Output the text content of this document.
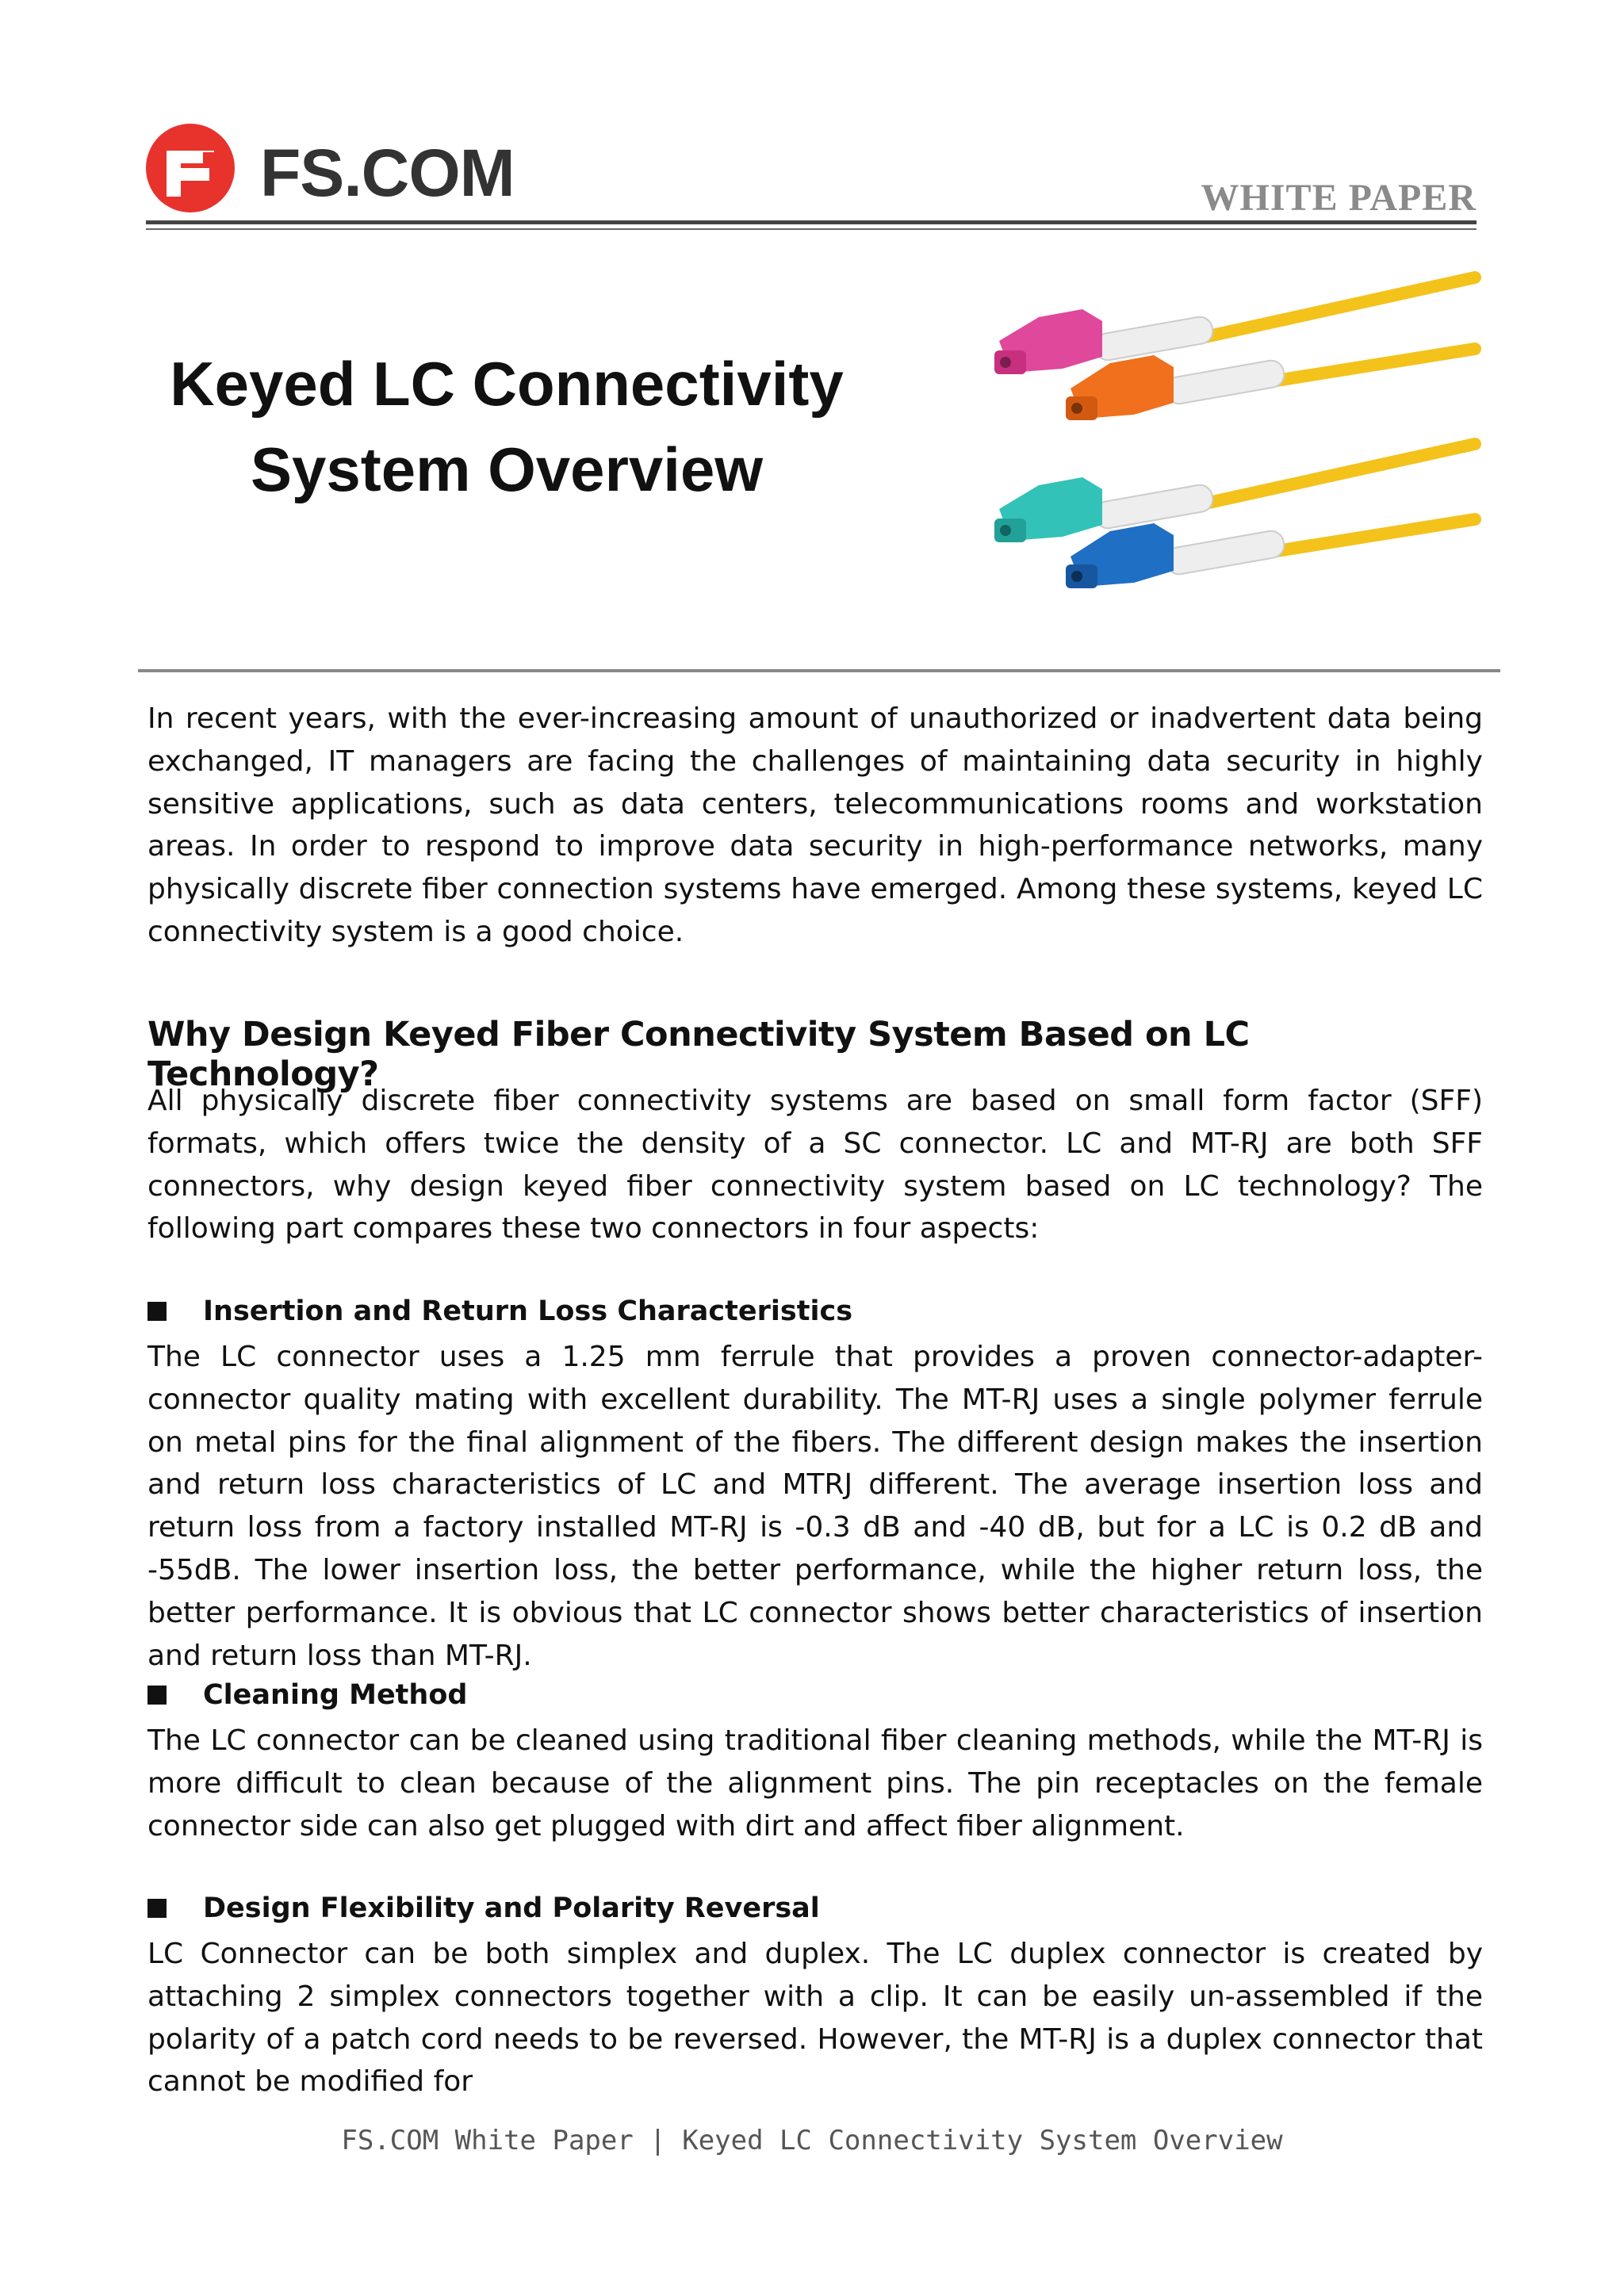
FS.COM	WHITE PAPER
Keyed LC Connectivity
System Overview
In recent years, with the ever-increasing amount of unauthorized or inadvertent data being exchanged, IT managers are facing the challenges of maintaining data security in highly sensitive applications, such as data centers, telecommunications rooms and workstation areas. In order to respond to improve data security in high-performance networks, many physically discrete fiber connection systems have emerged. Among these systems, keyed LC connectivity system is a good choice.
Why Design Keyed Fiber Connectivity System Based on LC Technology?
All physically discrete fiber connectivity systems are based on small form factor (SFF) formats, which offers twice the density of a SC connector. LC and MT-RJ are both SFF connectors, why design keyed fiber connectivity system based on LC technology? The following part compares these two connectors in four aspects:
Insertion and Return Loss Characteristics
The LC connector uses a 1.25 mm ferrule that provides a proven connector-adapter-connector quality mating with excellent durability. The MT-RJ uses a single polymer ferrule on metal pins for the final alignment of the fibers. The different design makes the insertion and return loss characteristics of LC and MTRJ different. The average insertion loss and return loss from a factory installed MT-RJ is -0.3 dB and -40 dB, but for a LC is 0.2 dB and -55dB. The lower insertion loss, the better performance, while the higher return loss, the better performance. It is obvious that LC connector shows better characteristics of insertion and return loss than MT-RJ.
Cleaning Method
The LC connector can be cleaned using traditional fiber cleaning methods, while the MT-RJ is more difficult to clean because of the alignment pins. The pin receptacles on the female connector side can also get plugged with dirt and affect fiber alignment.
Design Flexibility and Polarity Reversal
LC Connector can be both simplex and duplex. The LC duplex connector is created by attaching 2 simplex connectors together with a clip. It can be easily un-assembled if the polarity of a patch cord needs to be reversed. However, the MT-RJ is a duplex connector that cannot be modified for
FS.COM White Paper | Keyed LC Connectivity System Overview
